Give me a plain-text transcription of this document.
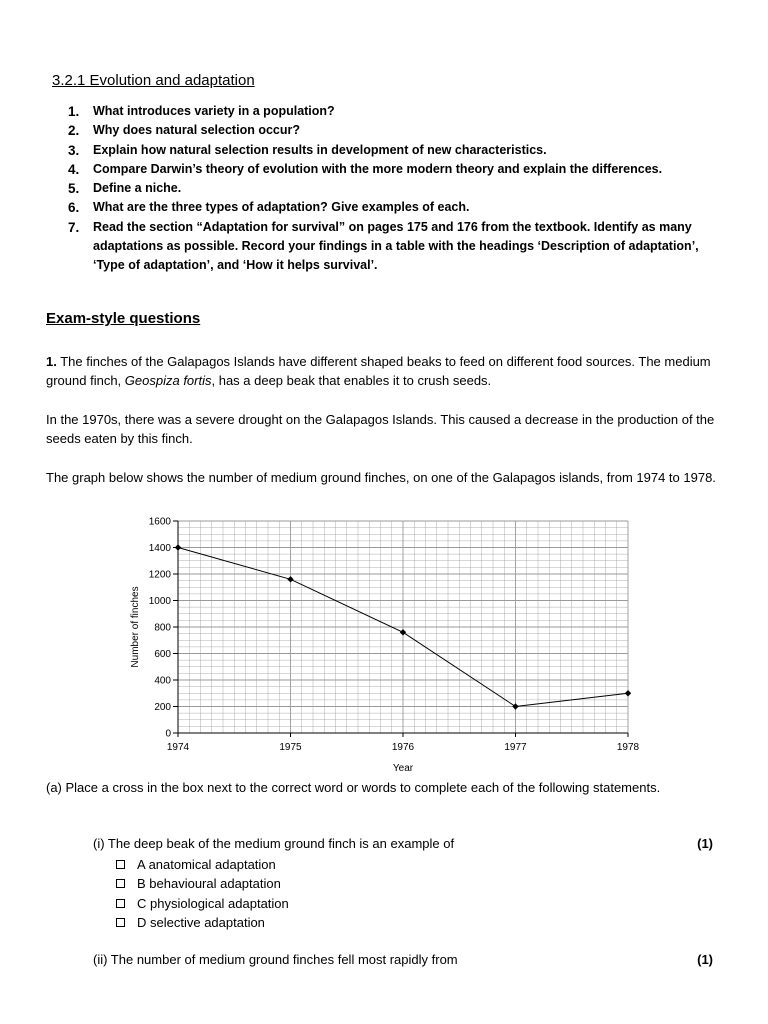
3.2.1 Evolution and adaptation
1.	What introduces variety in a population?
2.	Why does natural selection occur?
3.	Explain how natural selection results in development of new characteristics.
4.	Compare Darwin’s theory of evolution with the more modern theory and explain the differences.
5.	Define a niche.
6.	What are the three types of adaptation? Give examples of each.
7.	Read the section “Adaptation for survival” on pages 175 and 176 from the textbook. Identify as many adaptations as possible. Record your findings in a table with the headings ‘Description of adaptation’, ‘Type of adaptation’, and ‘How it helps survival’.
Exam-style questions
1. The finches of the Galapagos Islands have different shaped beaks to feed on different food sources. The medium ground finch, Geospiza fortis, has a deep beak that enables it to crush seeds.
In the 1970s, there was a severe drought on the Galapagos Islands. This caused a decrease in the production of the seeds eaten by this finch.
The graph below shows the number of medium ground finches, on one of the Galapagos islands, from 1974 to 1978.
0
200
400
600
800
1000
1200
1400
1600
1974	1975	1976	1977	1978
Year
Number of finches
(a) Place a cross in the box next to the correct word or words to complete each of the following statements.
(i) The deep beak of the medium ground finch is an example of	(1)
A anatomical adaptation
B behavioural adaptation
C physiological adaptation
D selective adaptation
(ii) The number of medium ground finches fell most rapidly from	(1)
